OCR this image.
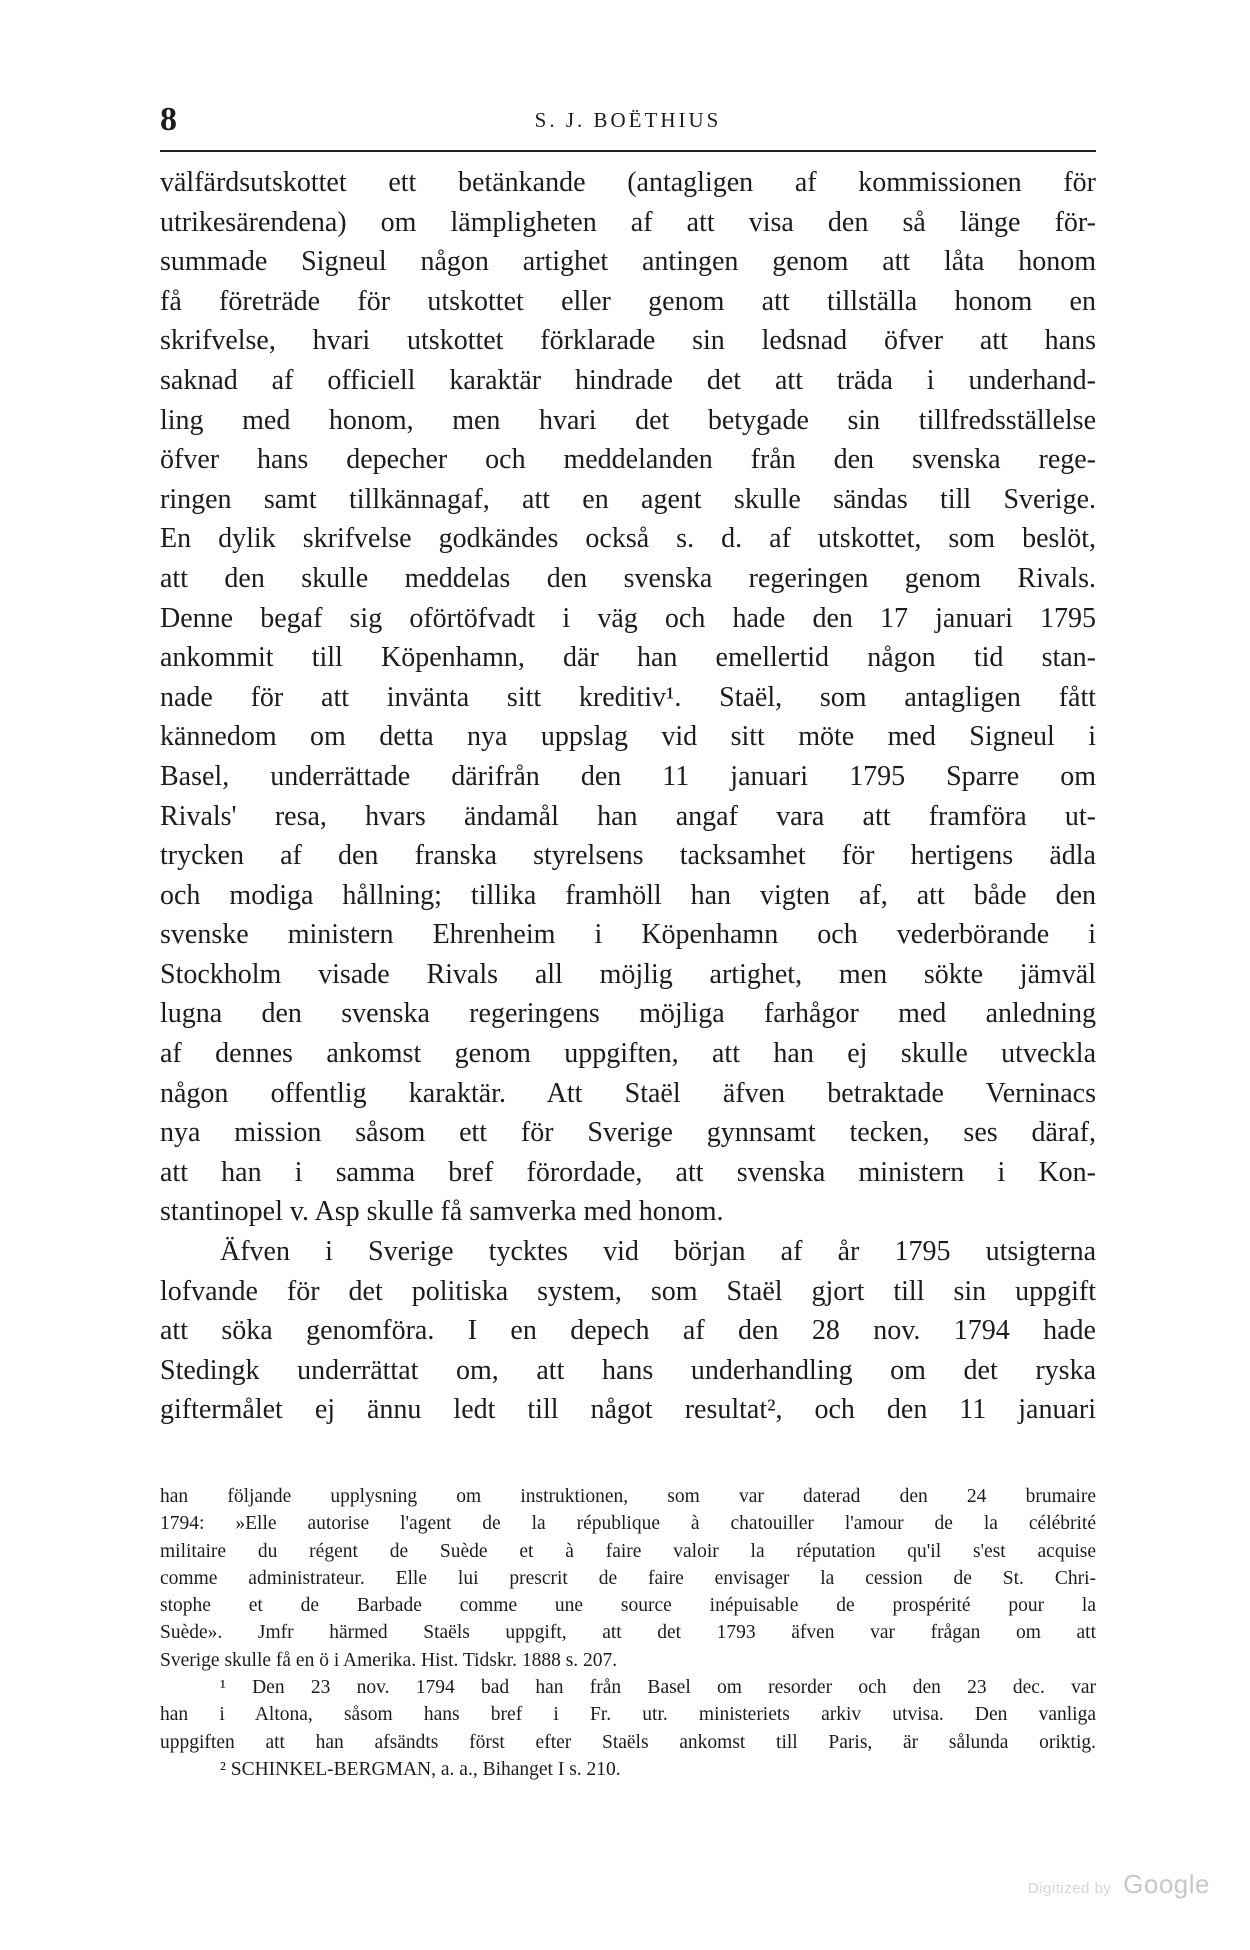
8	S. J. BOËTHIUS
välfärdsutskottet ett betänkande (antagligen af kommissionen för
utrikesärendena) om lämpligheten af att visa den så länge för-
summade Signeul någon artighet antingen genom att låta honom
få företräde för utskottet eller genom att tillställa honom en
skrifvelse, hvari utskottet förklarade sin ledsnad öfver att hans
saknad af officiell karaktär hindrade det att träda i underhand-
ling med honom, men hvari det betygade sin tillfredsställelse
öfver hans depecher och meddelanden från den svenska rege-
ringen samt tillkännagaf, att en agent skulle sändas till Sverige.
En dylik skrifvelse godkändes också s. d. af utskottet, som beslöt,
att den skulle meddelas den svenska regeringen genom Rivals.
Denne begaf sig oförtöfvadt i väg och hade den 17 januari 1795
ankommit till Köpenhamn, där han emellertid någon tid stan-
nade för att invänta sitt kreditiv¹. Staël, som antagligen fått
kännedom om detta nya uppslag vid sitt möte med Signeul i
Basel, underrättade därifrån den 11 januari 1795 Sparre om
Rivals' resa, hvars ändamål han angaf vara att framföra ut-
trycken af den franska styrelsens tacksamhet för hertigens ädla
och modiga hållning; tillika framhöll han vigten af, att både den
svenske ministern Ehrenheim i Köpenhamn och vederbörande i
Stockholm visade Rivals all möjlig artighet, men sökte jämväl
lugna den svenska regeringens möjliga farhågor med anledning
af dennes ankomst genom uppgiften, att han ej skulle utveckla
någon offentlig karaktär. Att Staël äfven betraktade Verninacs
nya mission såsom ett för Sverige gynnsamt tecken, ses däraf,
att han i samma bref förordade, att svenska ministern i Kon-
stantinopel v. Asp skulle få samverka med honom.
Äfven i Sverige tycktes vid början af år 1795 utsigterna
lofvande för det politiska system, som Staël gjort till sin uppgift
att söka genomföra. I en depech af den 28 nov. 1794 hade
Stedingk underrättat om, att hans underhandling om det ryska
giftermålet ej ännu ledt till något resultat², och den 11 januari
han följande upplysning om instruktionen, som var daterad den 24 brumaire
1794: »Elle autorise l'agent de la république à chatouiller l'amour de la célébrité
militaire du régent de Suède et à faire valoir la réputation qu'il s'est acquise
comme administrateur. Elle lui prescrit de faire envisager la cession de St. Chri-
stophe et de Barbade comme une source inépuisable de prospérité pour la
Suède». Jmfr härmed Staëls uppgift, att det 1793 äfven var frågan om att
Sverige skulle få en ö i Amerika. Hist. Tidskr. 1888 s. 207.
¹ Den 23 nov. 1794 bad han från Basel om resorder och den 23 dec. var
han i Altona, såsom hans bref i Fr. utr. ministeriets arkiv utvisa. Den vanliga
uppgiften att han afsändts först efter Staëls ankomst till Paris, är sålunda oriktig.
² SCHINKEL-BERGMAN, a. a., Bihanget I s. 210.
Digitized by Google
